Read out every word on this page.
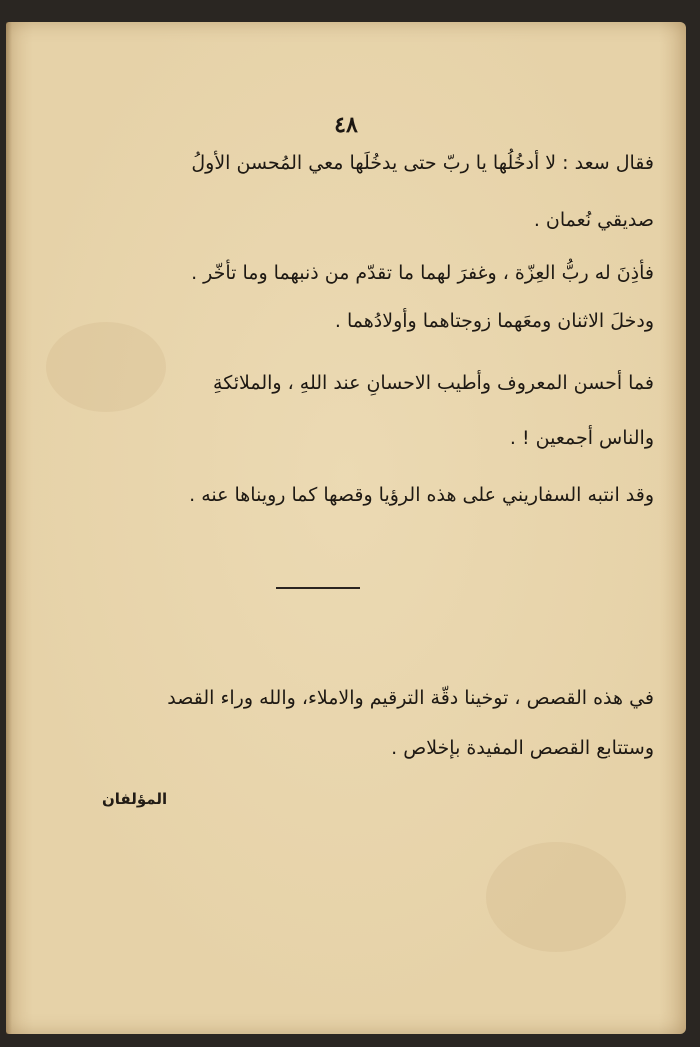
٤٨
فقال سعد : لا أدخُلُها يا ربّ حتى يدخُلَها معي المُحسن الأولُ
صديقي نُعمان .
فأذِنَ له ربُّ العِزّة ، وغفرَ لهما ما تقدّم من ذنبهما وما تأخّر .
ودخلَ الاثنان ومعَهما زوجتاهما وأولادُهما .
فما أحسن المعروف وأطيب الاحسانِ عند اللهِ ، والملائكةِ
والناس أجمعين ! .
وقد انتبه السفاريني على هذه الرؤيا وقصها كما رويناها عنه .
في هذه القصص ، توخينا دقّة الترقيم والاملاء، والله وراء القصد
وستتابع القصص المفيدة بإخلاص .
المؤلفان
